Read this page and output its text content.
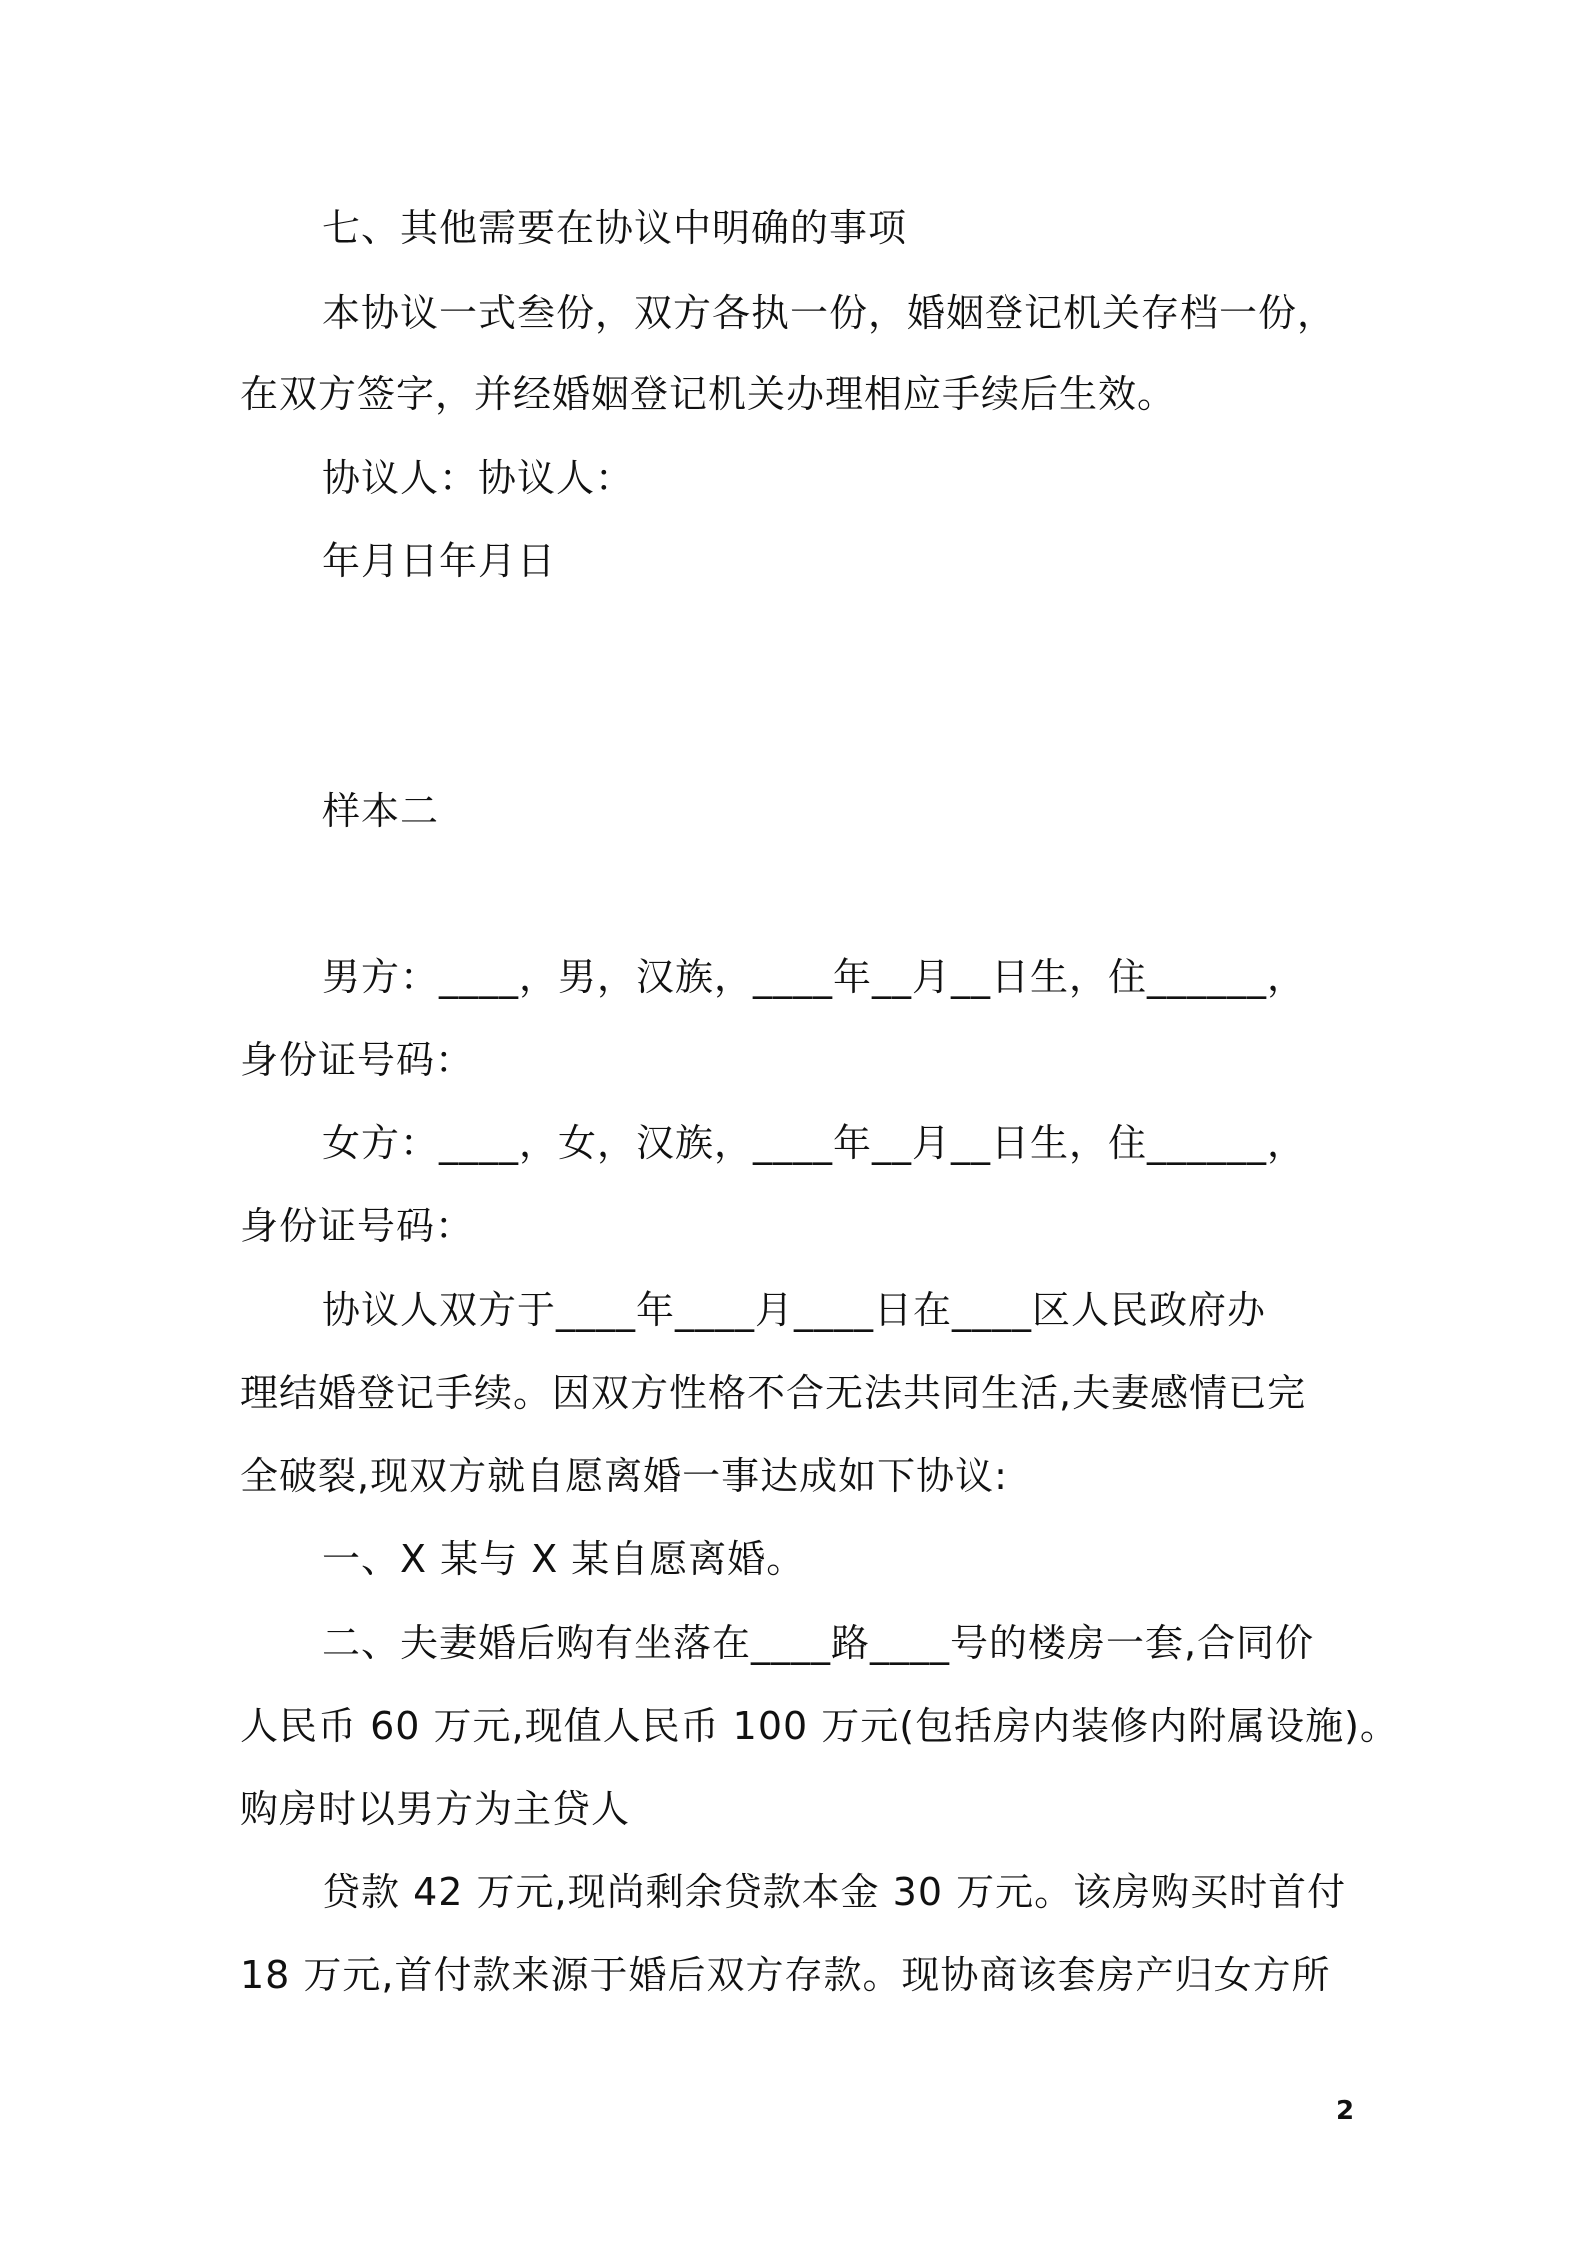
七、其他需要在协议中明确的事项
本协议一式叁份，双方各执一份，婚姻登记机关存档一份，
在双方签字，并经婚姻登记机关办理相应手续后生效。
协议人：协议人：
年月日年月日
样本二
男方：____，男，汉族，____年__月__日生，住______，
身份证号码：
女方：____，女，汉族，____年__月__日生，住______，
身份证号码：
协议人双方于____年____月____日在____区人民政府办
理结婚登记手续。因双方性格不合无法共同生活,夫妻感情已完
全破裂,现双方就自愿离婚一事达成如下协议:
一、X 某与 X 某自愿离婚。
二、夫妻婚后购有坐落在____路____号的楼房一套,合同价
人民币 60 万元,现值人民币 100 万元(包括房内装修内附属设施)。
购房时以男方为主贷人
贷款 42 万元,现尚剩余贷款本金 30 万元。该房购买时首付
18 万元,首付款来源于婚后双方存款。现协商该套房产归女方所
2
